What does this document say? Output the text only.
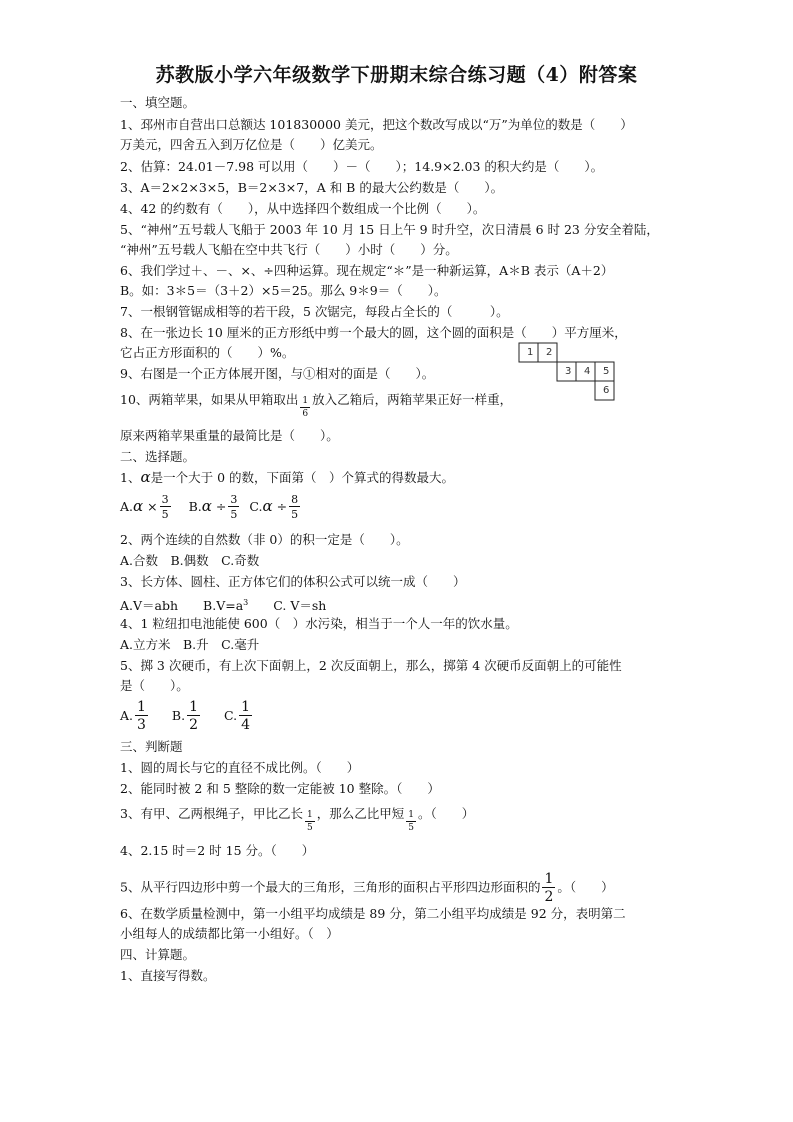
苏教版小学六年级数学下册期末综合练习题（4）附答案
一、填空题。
1、邳州市自营出口总额达 101830000 美元，把这个数改写成以“万”为单位的数是（　　）
万美元，四舍五入到万亿位是（　　）亿美元。
2、估算：24.01－7.98 可以用（　　）－（　　）；14.9×2.03 的积大约是（　　）。
3、A＝2×2×3×5，B＝2×3×7，A 和 B 的最大公约数是（　　）。
4、42 的约数有（　　），从中选择四个数组成一个比例（　　）。
5、“神州”五号载人飞船于 2003 年 10 月 15 日上午 9 时升空，次日清晨 6 时 23 分安全着陆，
“神州”五号载人飞船在空中共飞行（　　）小时（　　）分。
6、我们学过＋、－、×、÷四种运算。现在规定“＊”是一种新运算，A＊B 表示（A＋2）
B。如：3＊5＝（3＋2）×5＝25。那么 9＊9＝（　　）。
7、一根钢管锯成相等的若干段，5 次锯完，每段占全长的（　　　）。
8、在一张边长 10 厘米的正方形纸中剪一个最大的圆，这个圆的面积是（　　）平方厘米，
它占正方形面积的（　　）%。
9、右图是一个正方体展开图，与①相对的面是（　　）。
10、两箱苹果，如果从甲箱取出 $\frac{1}{6}$ 放入乙箱后，两箱苹果正好一样重，
原来两箱苹果重量的最简比是（　　）。
1 2
3 4 5
6
二、选择题。
1、α是一个大于 0 的数，下面第（　）个算式的得数最大。
$A.\alpha \times \frac{3}{5} B.\alpha \div \frac{3}{5} C.\alpha \div \frac{8}{5}$
2、两个连续的自然数（非 0）的积一定是（　　）。
A.合数　B.偶数　C.奇数
3、长方体、圆柱、正方体它们的体积公式可以统一成（　　）
A.V＝abh　　$B.V=a^3$　　C. V＝sh
4、1 粒纽扣电池能使 600（　）水污染，相当于一个人一年的饮水量。
A.立方米　B.升　C.毫升
5、掷 3 次硬币，有上次下面朝上，2 次反面朝上，那么，掷第 4 次硬币反面朝上的可能性
是（　　）。
A. $\frac{1}{3} B$. $\frac{1}{2} C$. $\frac{1}{4}$
三、判断题
1、圆的周长与它的直径不成比例。（　　）
2、能同时被 2 和 5 整除的数一定能被 10 整除。（　　）
3、有甲、乙两根绳子，甲比乙长 $\frac{1}{5}$ ，那么乙比甲短 $\frac{1}{5}$ 。（　　）
4、2.15 时＝2 时 15 分。（　　）
5、从平行四边形中剪一个最大的三角形，三角形的面积占平形四边形面积的 $\frac{1}{2}$ 。（　　）
6、在数学质量检测中，第一小组平均成绩是 89 分，第二小组平均成绩是 92 分，表明第二
小组每人的成绩都比第一小组好。（　）
四、计算题。
1、直接写得数。
